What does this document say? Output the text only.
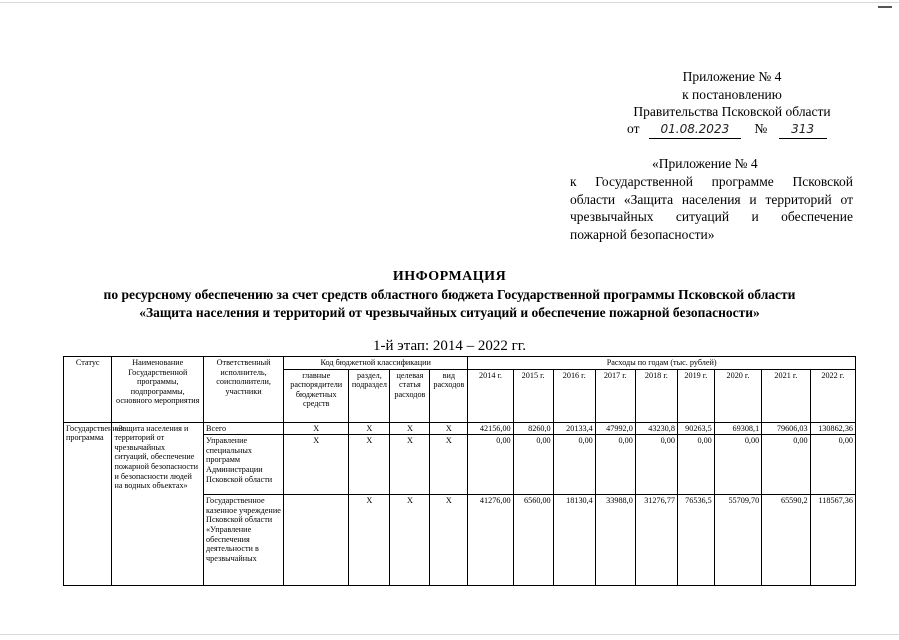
Приложение № 4
к постановлению
Правительства Псковской области
от 01.08.2023 № 313
«Приложение № 4
к Государственной программе Псковской области «Защита населения и территорий от чрезвычайных ситуаций и обеспечение пожарной безопасности»
ИНФОРМАЦИЯ
по ресурсному обеспечению за счет средств областного бюджета Государственной программы Псковской области
«Защита населения и территорий от чрезвычайных ситуаций и обеспечение пожарной безопасности»
1-й этап: 2014 – 2022 гг.
Статус	Наименование Государственной программы, подпрограммы, основного мероприятия	Ответственный исполнитель, соисполнители, участники	Код бюджетной классификации				Расходы по годам (тыс. рублей)								
			главные распорядители бюджетных средств	раздел, подраздел	целевая статья расходов	вид расходов	2014 г.	2015 г.	2016 г.	2017 г.	2018 г.	2019 г.	2020 г.	2021 г.	2022 г.
Государственная программа	«Защита населения и территорий от чрезвычайных ситуаций, обеспечение пожарной безопасности и безопасности людей на водных объектах»	Всего	Х	Х	Х	Х	42156,00	8260,0	20133,4	47992,0	43230,8	90263,5	69308,1	79606,03	130862,36
		Управление специальных программ Администрации Псковской области	Х	Х	Х	Х	0,00	0,00	0,00	0,00	0,00	0,00	0,00	0,00	0,00

		Государственное казенное учреждение Псковской области «Управление обеспечения деятельности в чрезвычайных		Х	Х	Х	41276,00	6560,00	18130,4	33988,0	31276,77	76536,5	55709,70	65590,2	118567,36
